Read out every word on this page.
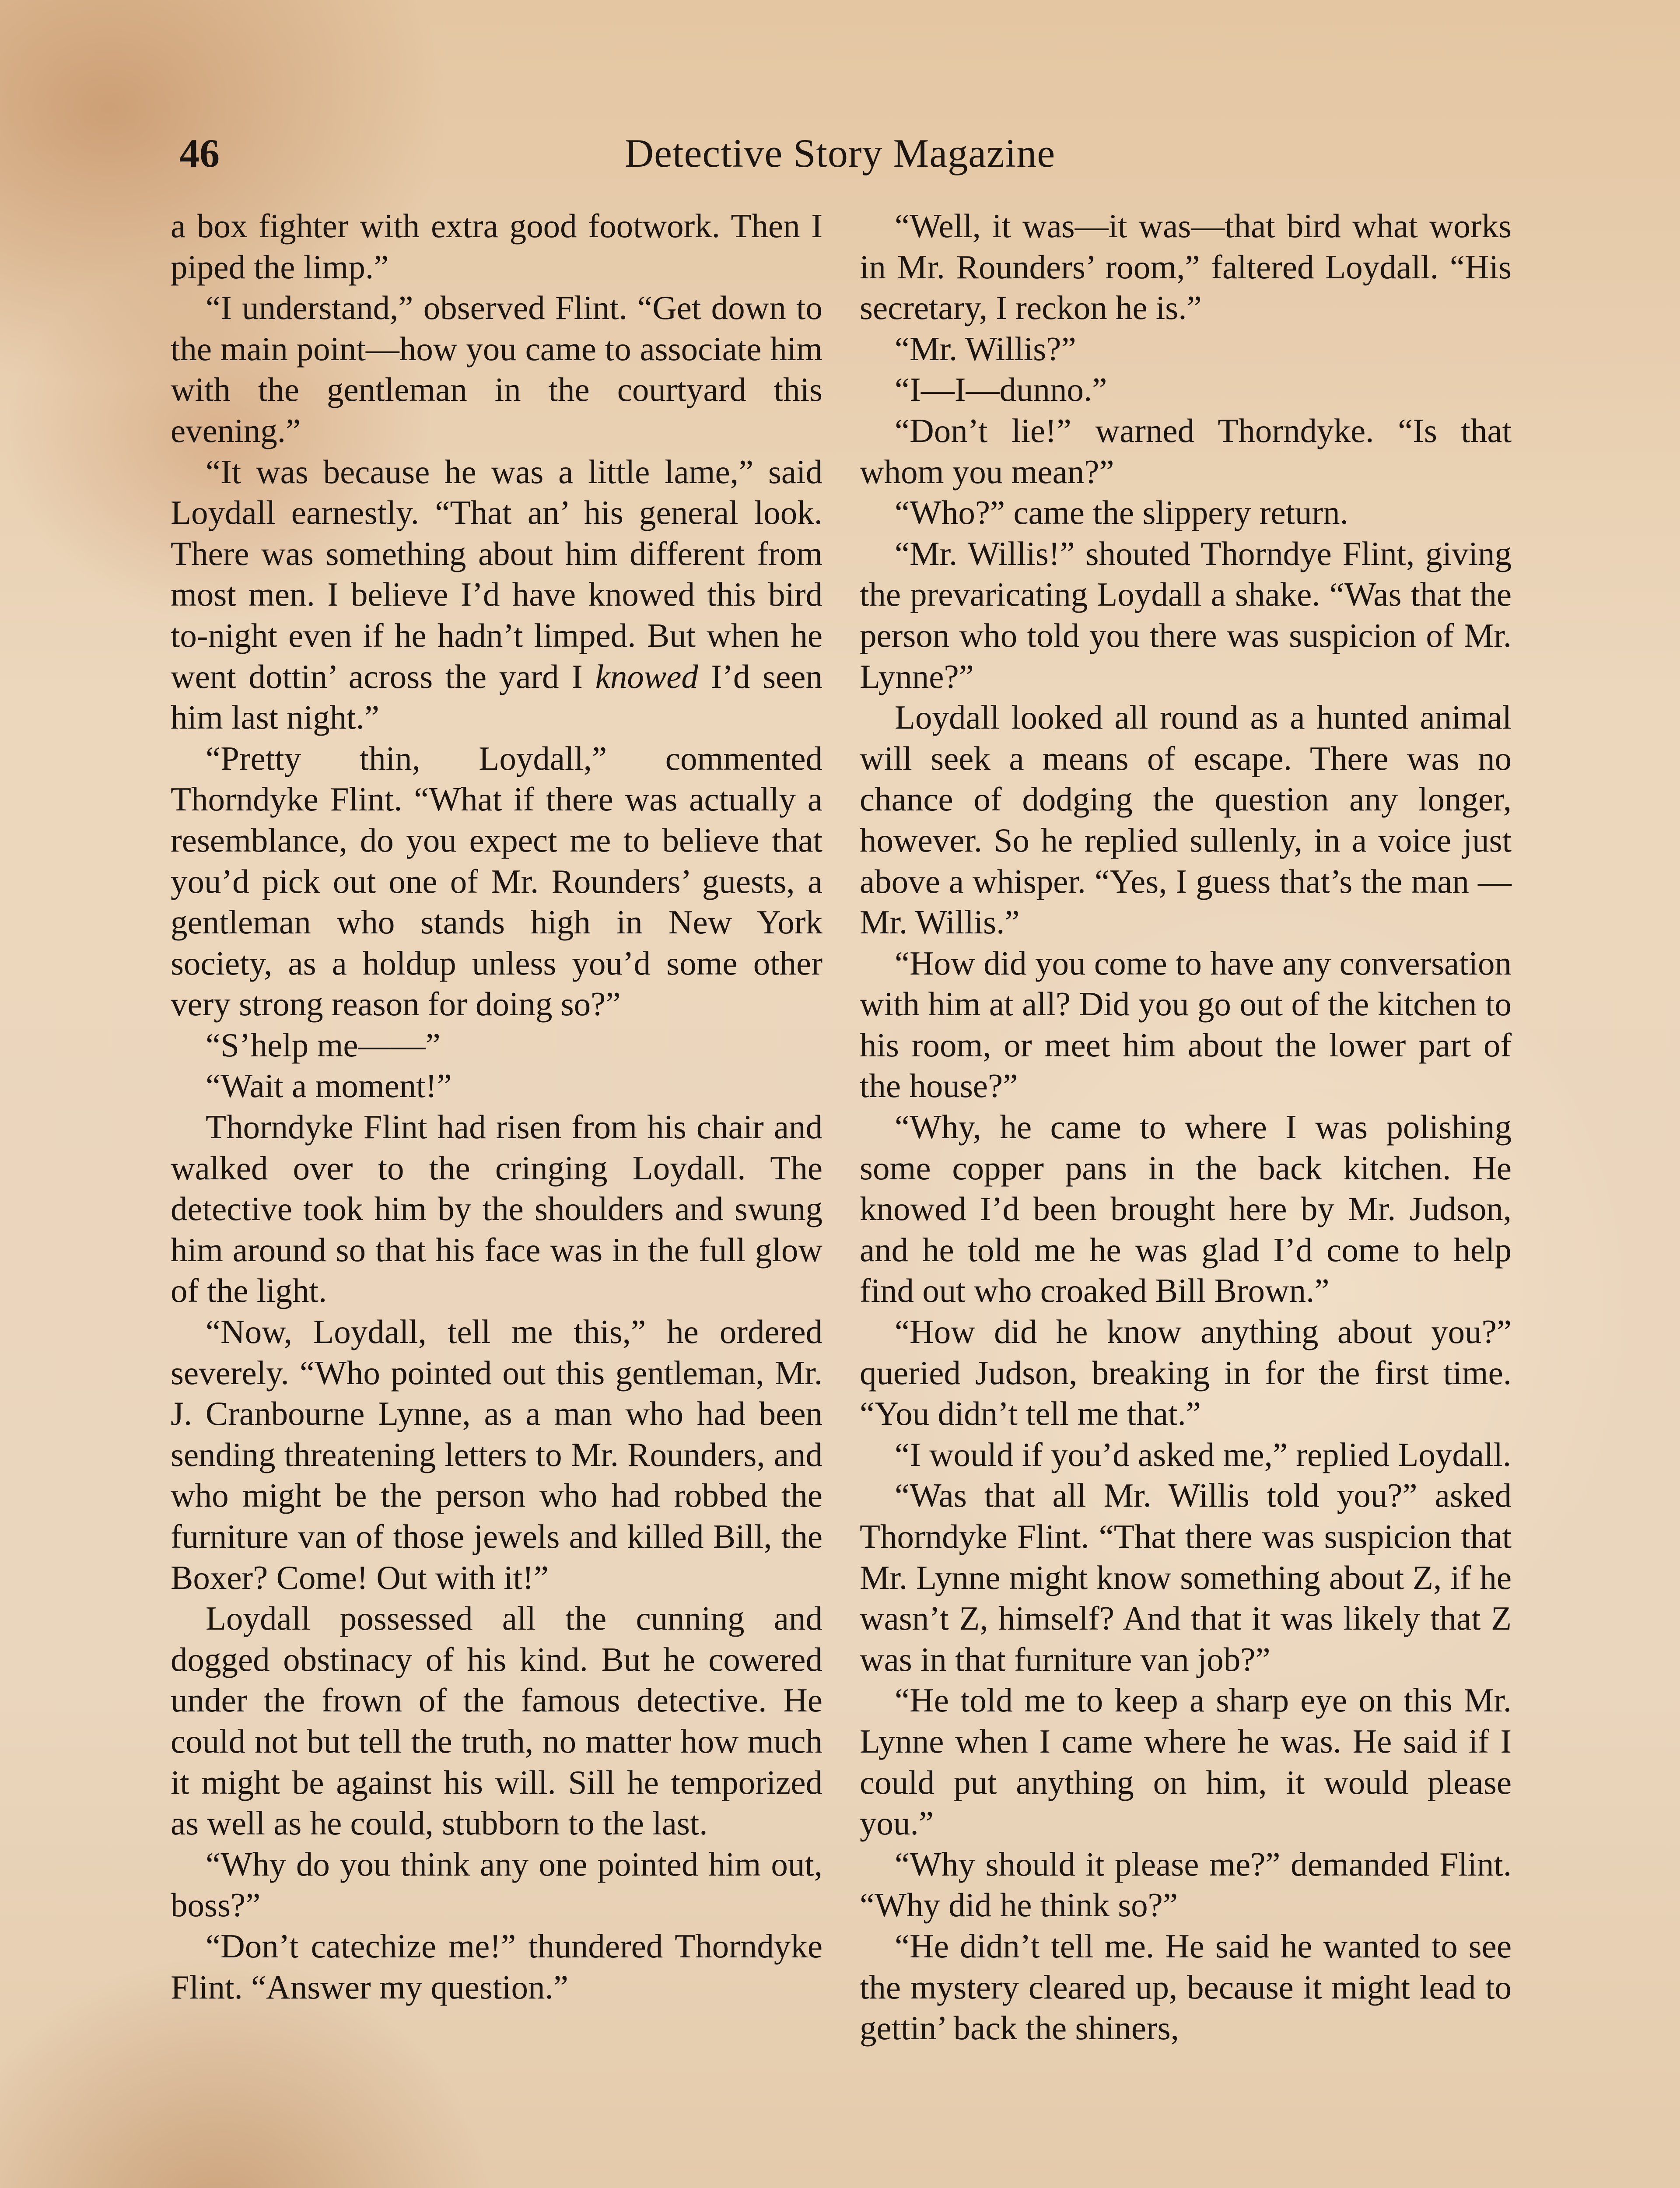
46	Detective Story Magazine

a box fighter with extra good footwork. Then I piped the limp.”

“I understand,” observed Flint. “Get down to the main point—how you came to associate him with the gentleman in the courtyard this evening.”

“It was because he was a little lame,” said Loydall earnestly. “That an’ his general look. There was something about him different from most men. I believe I’d have knowed this bird to-night even if he hadn’t limped. But when he went dottin’ across the yard I knowed I’d seen him last night.”

“Pretty thin, Loydall,” commented Thorndyke Flint. “What if there was actually a resemblance, do you expect me to believe that you’d pick out one of Mr. Rounders’ guests, a gentleman who stands high in New York society, as a holdup unless you’d some other very strong reason for doing so?”

“S’help me——”

“Wait a moment!”

Thorndyke Flint had risen from his chair and walked over to the cringing Loydall. The detective took him by the shoulders and swung him around so that his face was in the full glow of the light.

“Now, Loydall, tell me this,” he ordered severely. “Who pointed out this gentleman, Mr. J. Cranbourne Lynne, as a man who had been sending threatening letters to Mr. Rounders, and who might be the person who had robbed the furniture van of those jewels and killed Bill, the Boxer? Come! Out with it!”

Loydall possessed all the cunning and dogged obstinacy of his kind. But he cowered under the frown of the famous detective. He could not but tell the truth, no matter how much it might be against his will. Sill he temporized as well as he could, stubborn to the last.

“Why do you think any one pointed him out, boss?”

“Don’t catechize me!” thundered Thorndyke Flint. “Answer my question.”

“Well, it was—it was—that bird what works in Mr. Rounders’ room,” faltered Loydall. “His secretary, I reckon he is.”

“Mr. Willis?”

“I—I—dunno.”

“Don’t lie!” warned Thorndyke. “Is that whom you mean?”

“Who?” came the slippery return.

“Mr. Willis!” shouted Thorndye Flint, giving the prevaricating Loydall a shake. “Was that the person who told you there was suspicion of Mr. Lynne?”

Loydall looked all round as a hunted animal will seek a means of escape. There was no chance of dodging the question any longer, however. So he replied sullenly, in a voice just above a whisper. “Yes, I guess that’s the man —Mr. Willis.”

“How did you come to have any conversation with him at all? Did you go out of the kitchen to his room, or meet him about the lower part of the house?”

“Why, he came to where I was polishing some copper pans in the back kitchen. He knowed I’d been brought here by Mr. Judson, and he told me he was glad I’d come to help find out who croaked Bill Brown.”

“How did he know anything about you?” queried Judson, breaking in for the first time. “You didn’t tell me that.”

“I would if you’d asked me,” replied Loydall.

“Was that all Mr. Willis told you?” asked Thorndyke Flint. “That there was suspicion that Mr. Lynne might know something about Z, if he wasn’t Z, himself? And that it was likely that Z was in that furniture van job?”

“He told me to keep a sharp eye on this Mr. Lynne when I came where he was. He said if I could put anything on him, it would please you.”

“Why should it please me?” demanded Flint. “Why did he think so?”

“He didn’t tell me. He said he wanted to see the mystery cleared up, because it might lead to gettin’ back the shiners,
